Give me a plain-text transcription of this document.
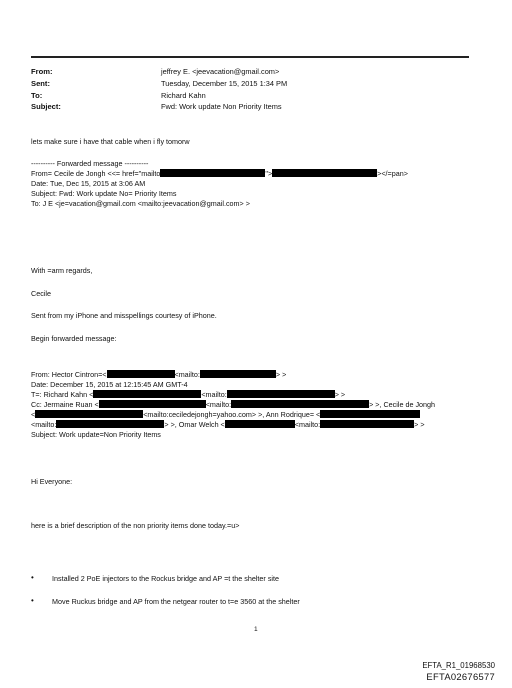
From:	jeffrey E. <jeevacation@gmail.com>
Sent:	Tuesday, December 15, 2015 1:34 PM
To:	Richard Kahn
Subject:	Fwd: Work update Non Priority Items
lets make sure i have that cable when i fly tomorw
---------- Forwarded message ----------
From= Cecile de Jongh <<= href="mailto	">	></=pan>
Date: Tue, Dec 15, 2015 at 3:06 AM
Subject: Fwd: Work update No= Priority Items
To: J E <je=vacation@gmail.com <mailto:jeevacation@gmail.com> >
With =arm regards,
Cecile
Sent from my iPhone and misspellings courtesy of iPhone.
Begin forwarded message:
From: Hector Cintron=<	<mailto:	> >
Date: December 15, 2015 at 12:15:45 AM GMT-4
T=: Richard Kahn <	<mailto:	> >
Cc: Jermaine Ruan <	<mailto:	> >, Cecile de Jongh
<	<mailto:ceciledejongh=yahoo.com> >, Ann Rodrique= <
<mailto:	> >, Omar Welch <	<mailto:	> >
Subject: Work update=Non Priority Items
Hi Everyone:
here is a brief description of the non priority items done today.=u>
•	Installed 2 PoE injectors to the Rockus bridge and AP =t the shelter site
•	Move Ruckus bridge and AP from the netgear router to t=e 3560 at the shelter
1
EFTA_R1_01968530
EFTA02676577
